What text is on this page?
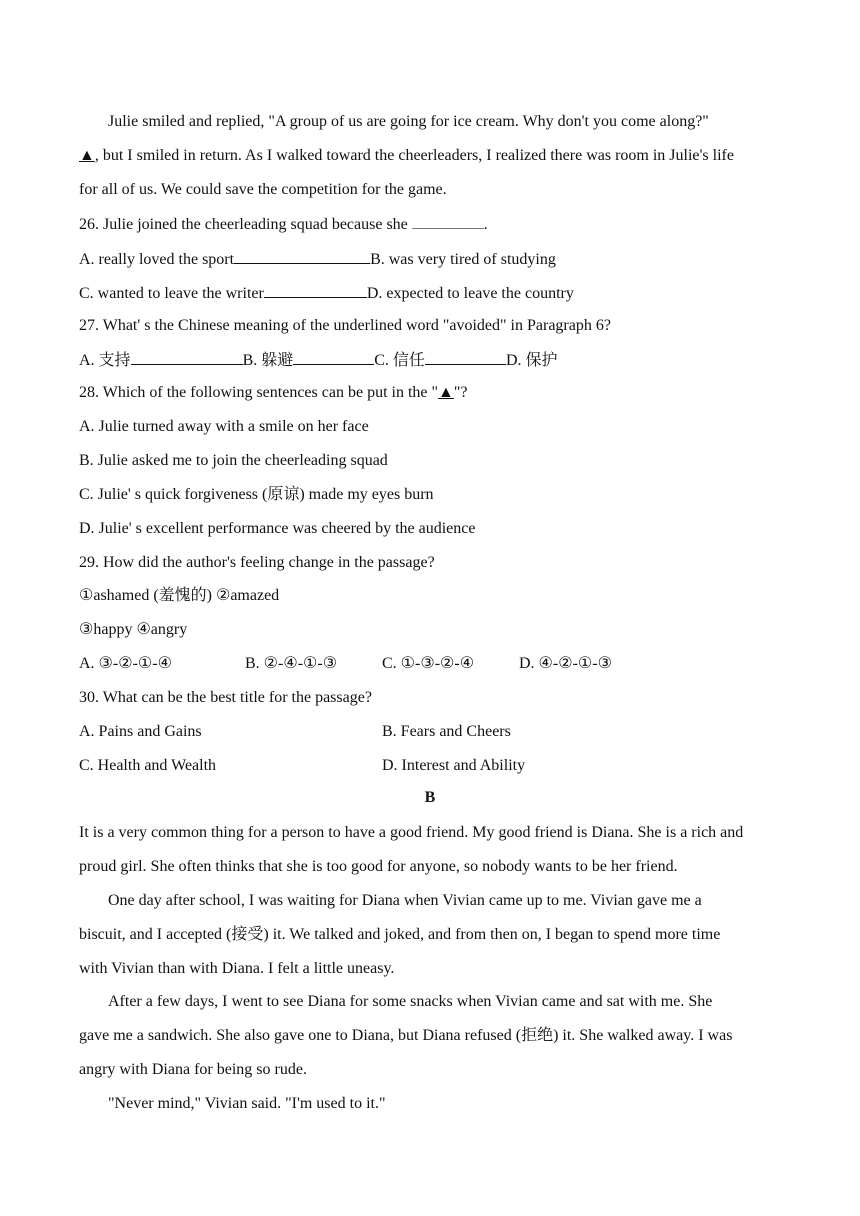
Julie smiled and replied, "A group of us are going for ice cream. Why don't you come along?"
▲, but I smiled in return. As I walked toward the cheerleaders, I realized there was room in Julie's life
for all of us. We could save the competition for the game.
26. Julie joined the cheerleading squad because she	.
A. really loved the sport	B. was very tired of studying
C. wanted to leave the writer	D. expected to leave the country
27. What' s the Chinese meaning of the underlined word "avoided" in Paragraph 6?
A. 支持	B. 躲避	C. 信任	D. 保护
28. Which of the following sentences can be put in the "▲"?
A. Julie turned away with a smile on her face
B. Julie asked me to join the cheerleading squad
C. Julie' s quick forgiveness (原谅) made my eyes burn
D. Julie' s excellent performance was cheered by the audience
29. How did the author's feeling change in the passage?
①ashamed (羞愧的) ②amazed
③happy ④angry
A. ③-②-①-④	B. ②-④-①-③	C. ①-③-②-④	D. ④-②-①-③
30. What can be the best title for the passage?
A. Pains and Gains	B. Fears and Cheers
C. Health and Wealth	D. Interest and Ability
B
It is a very common thing for a person to have a good friend. My good friend is Diana. She is a rich and
proud girl. She often thinks that she is too good for anyone, so nobody wants to be her friend.
One day after school, I was waiting for Diana when Vivian came up to me. Vivian gave me a
biscuit, and I accepted (接受) it. We talked and joked, and from then on, I began to spend more time
with Vivian than with Diana. I felt a little uneasy.
After a few days, I went to see Diana for some snacks when Vivian came and sat with me. She
gave me a sandwich. She also gave one to Diana, but Diana refused (拒绝) it. She walked away. I was
angry with Diana for being so rude.
"Never mind," Vivian said. "I'm used to it."
